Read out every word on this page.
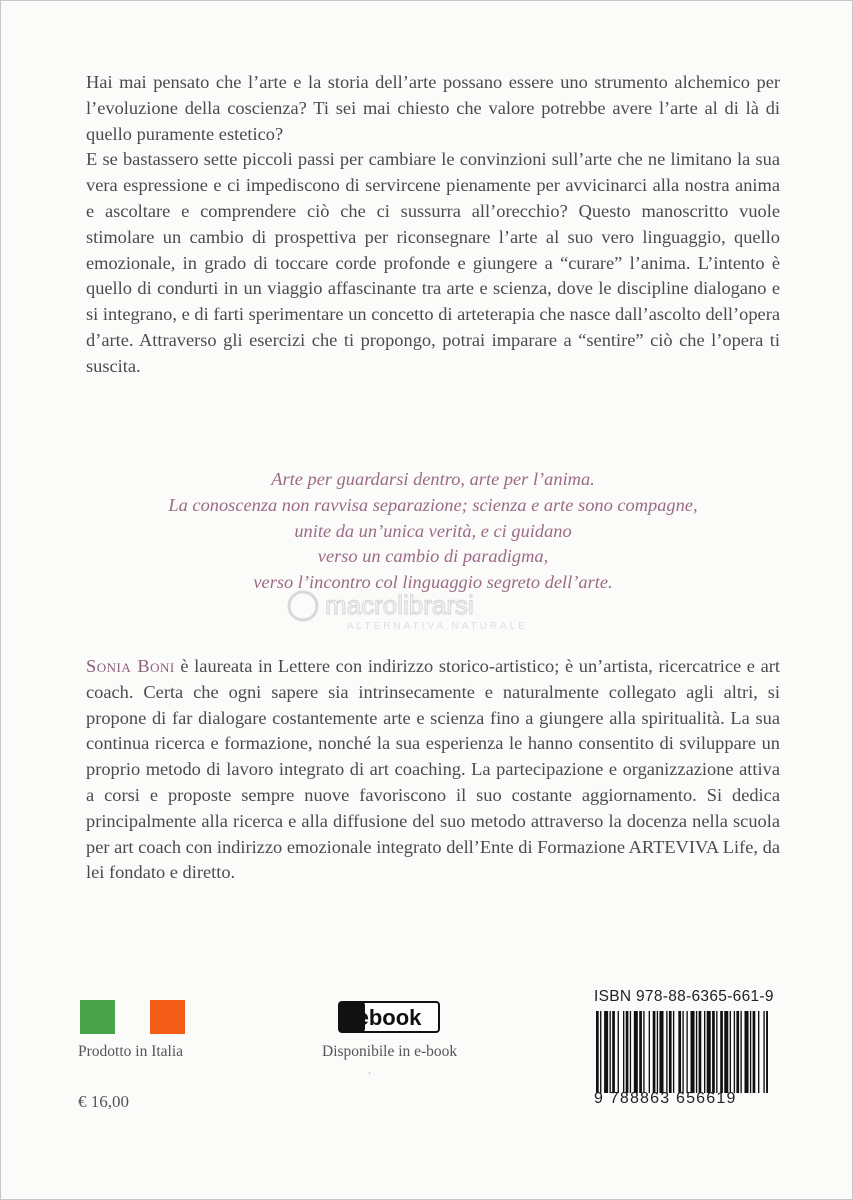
Hai mai pensato che l’arte e la storia dell’arte possano essere uno strumento alchemico per l’evoluzione della coscienza? Ti sei mai chiesto che valore potrebbe avere l’arte al di là di quello puramente estetico?
E se bastassero sette piccoli passi per cambiare le convinzioni sull’arte che ne limitano la sua vera espressione e ci impediscono di servircene pienamente per avvicinarci alla nostra anima e ascoltare e comprendere ciò che ci sussurra all’orecchio? Questo manoscritto vuole stimolare un cambio di prospettiva per riconsegnare l’arte al suo vero linguaggio, quello emozionale, in grado di toccare corde profonde e giungere a “curare” l’anima. L’intento è quello di condurti in un viaggio affascinante tra arte e scienza, dove le discipline dialogano e si integrano, e di farti sperimentare un concetto di arteterapia che nasce dall’ascolto dell’opera d’arte. Attraverso gli esercizi che ti propongo, potrai imparare a “sentire” ciò che l’opera ti suscita.
Arte per guardarsi dentro, arte per l’anima.
La conoscenza non ravvisa separazione; scienza e arte sono compagne,
unite da un’unica verità, e ci guidano
verso un cambio di paradigma,
verso l’incontro col linguaggio segreto dell’arte.
macrolibrarsi
ALTERNATIVA NATURALE

Sonia Boni è laureata in Lettere con indirizzo storico-artistico; è un’artista, ricercatrice e art coach. Certa che ogni sapere sia intrinsecamente e naturalmente collegato agli altri, si propone di far dialogare costantemente arte e scienza fino a giungere alla spiritualità. La sua continua ricerca e formazione, nonché la sua esperienza le hanno consentito di sviluppare un proprio metodo di lavoro integrato di art coaching. La partecipazione e organizzazione attiva a corsi e proposte sempre nuove favoriscono il suo costante aggiornamento. Si dedica principalmente alla ricerca e alla diffusione del suo metodo attraverso la docenza nella scuola per art coach con indirizzo emozionale integrato dell’Ente di Formazione ARTEVIVA Life, da lei fondato e diretto.

Prodotto in Italia
ebook
Disponibile in e-book
`
€ 16,00
ISBN 978-88-6365-661-9
9 788863 656619
